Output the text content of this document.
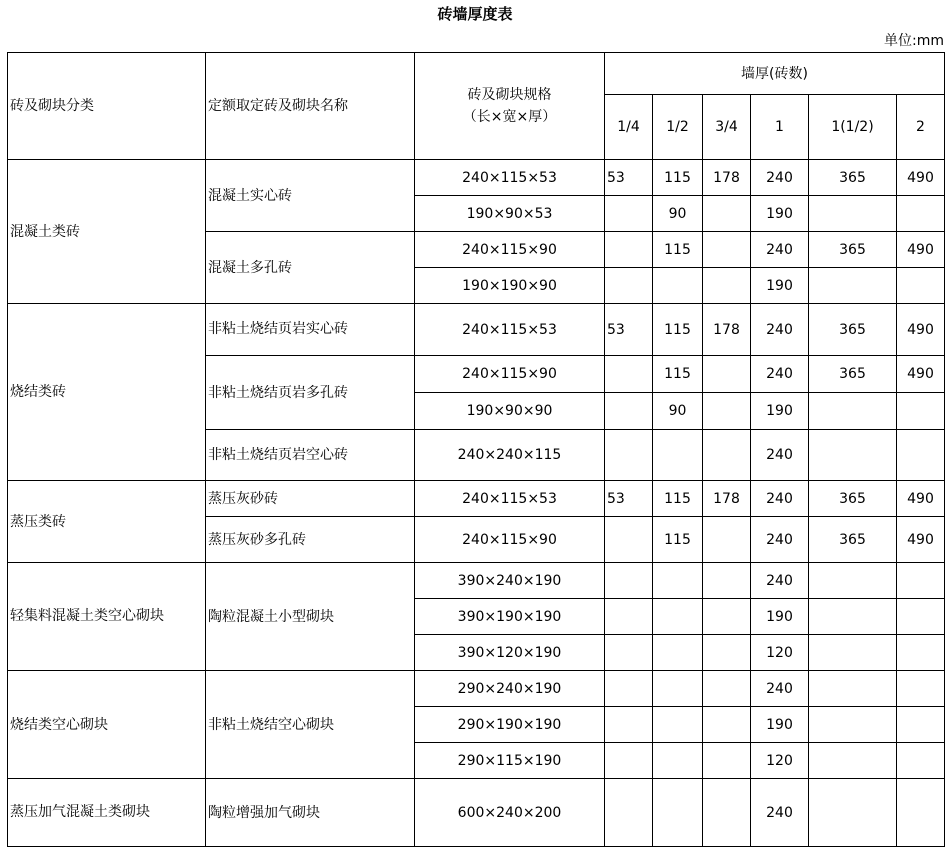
砖墙厚度表
单位:mm
砖及砌块分类	定额取定砖及砌块名称	砖及砌块规格（长×宽×厚）	墙厚(砖数)					
			1/4	1/2	3/4	1	1(1/2)	2
混凝土类砖	混凝土实心砖	240×115×53	53	115	178	240	365	490
		190×90×53		90		190		
	混凝土多孔砖	240×115×90		115		240	365	490
		190×190×90				190		
烧结类砖	非粘土烧结页岩实心砖	240×115×53	53	115	178	240	365	490
	非粘土烧结页岩多孔砖	240×115×90		115		240	365	490
		190×90×90		90		190		
	非粘土烧结页岩空心砖	240×240×115				240		
蒸压类砖	蒸压灰砂砖	240×115×53	53	115	178	240	365	490
	蒸压灰砂多孔砖	240×115×90		115		240	365	490
轻集料混凝土类空心砌块	陶粒混凝土小型砌块	390×240×190				240		
		390×190×190				190		
		390×120×190				120		
烧结类空心砌块	非粘土烧结空心砌块	290×240×190				240		
		290×190×190				190		
		290×115×190				120		
蒸压加气混凝土类砌块	陶粒增强加气砌块	600×240×200				240		
